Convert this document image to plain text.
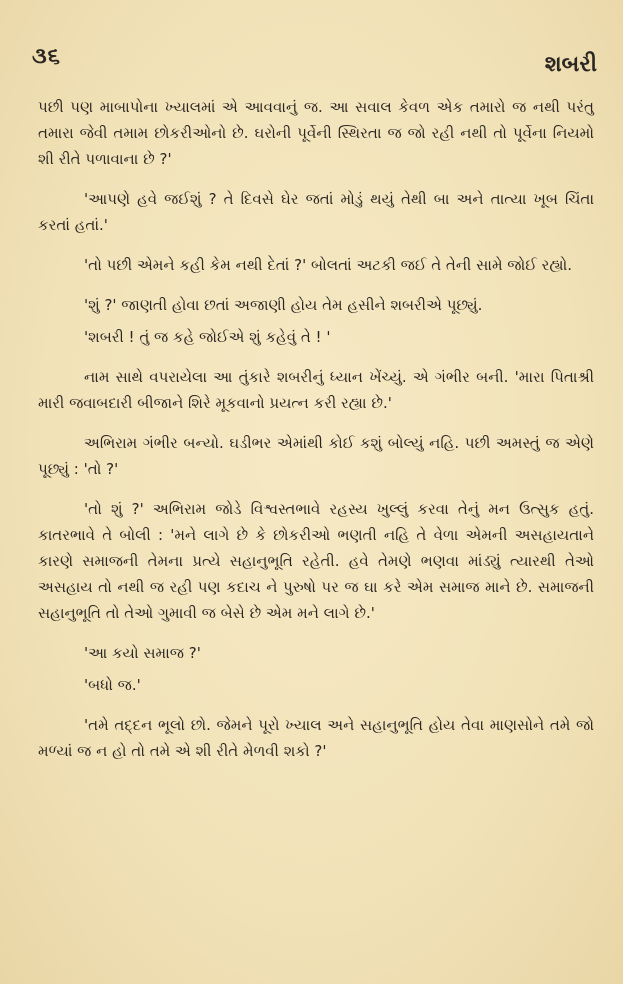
૩૬	શબરી

પછી પણ માબાપોના ખ્યાલમાં એ આવવાનું જ. આ સવાલ કેવળ એક તમારો જ નથી પરંતુ તમારા જેવી તમામ છોકરીઓનો છે. ઘરોની પૂર્વેની સ્થિરતા જ જો રહી નથી તો પૂર્વેના નિયમો શી રીતે પળાવાના છે ?'

'આપણે હવે જઈશું ? તે દિવસે ઘેર જતાં મોડું થયું તેથી બા અને તાત્યા ખૂબ ચિંતા કરતાં હતાં.'

'તો પછી એમને કહી કેમ નથી દેતાં ?' બોલતાં અટકી જઈ તે તેની સામે જોઈ રહ્યો.

'શું ?' જાણતી હોવા છતાં અજાણી હોય તેમ હસીને શબરીએ પૂછ્યું.

'શબરી ! તું જ કહે જોઈએ શું કહેવું તે ! '

નામ સાથે વપરાયેલા આ તુંકારે શબરીનું ધ્યાન ખેંચ્યું. એ ગંભીર બની. 'મારા પિતાશ્રી મારી જવાબદારી બીજાને શિરે મૂકવાનો પ્રયત્ન કરી રહ્યા છે.'

અભિરામ ગંભીર બન્યો. ઘડીભર એમાંથી કોઈ કશું બોલ્યું નહિ. પછી અમસ્તું જ એણે પૂછ્યું : 'તો ?'

'તો શું ?' અભિરામ જોડે વિશ્વસ્તભાવે રહસ્ય ખુલ્લું કરવા તેનું મન ઉત્સુક હતું. કાતરભાવે તે બોલી : 'મને લાગે છે કે છોકરીઓ ભણતી નહિ તે વેળા એમની અસહાયતાને કારણે સમાજની તેમના પ્રત્યે સહાનુભૂતિ રહેતી. હવે તેમણે ભણવા માંડ્યું ત્યારથી તેઓ અસહાય તો નથી જ રહી પણ કદાચ ને પુરુષો પર જ ઘા કરે એમ સમાજ માને છે. સમાજની સહાનુભૂતિ તો તેઓ ગુમાવી જ બેસે છે એમ મને લાગે છે.'

'આ કયો સમાજ ?'

'બધો જ.'

'તમે તદ્દન ભૂલો છો. જેમને પૂરો ખ્યાલ અને સહાનુભૂતિ હોય તેવા માણસોને તમે જો મળ્યાં જ ન હો તો તમે એ શી રીતે મેળવી શકો ?'
